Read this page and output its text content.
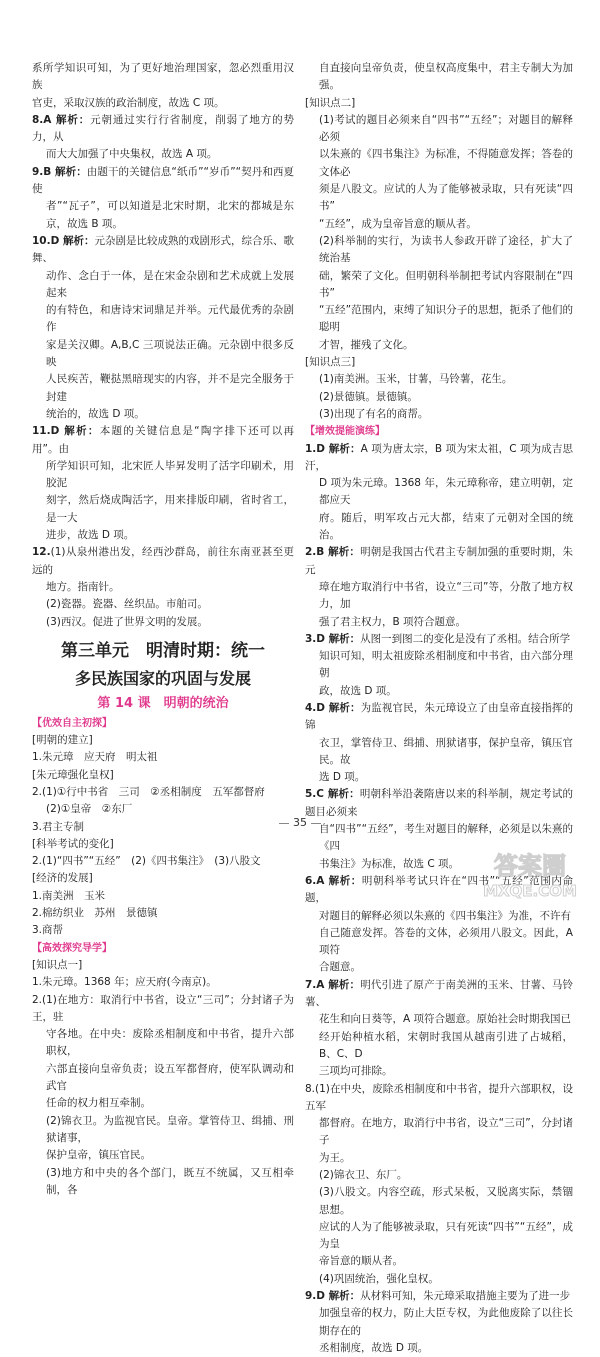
系所学知识可知，为了更好地治理国家，忽必烈重用汉族
官吏，采取汉族的政治制度，故选 C 项。
8.A 解析：元朝通过实行行省制度，削弱了地方的势力，从
而大大加强了中央集权，故选 A 项。
9.B 解析：由题干的关键信息“纸币”“岁币”“契丹和西夏使
者”“瓦子”，可以知道是北宋时期，北宋的都城是东京，故选 B 项。
10.D 解析：元杂剧是比较成熟的戏剧形式，综合乐、歌舞、
动作、念白于一体，是在宋金杂剧和艺术成就上发展起来
的有特色，和唐诗宋词鼎足并举。元代最优秀的杂剧作
家是关汉卿。A,B,C 三项说法正确。元杂剧中很多反映
人民疾苦，鞭挞黑暗现实的内容，并不是完全服务于封建
统治的，故选 D 项。
11.D 解析：本题的关键信息是“陶字排下还可以再用”。由
所学知识可知，北宋匠人毕昇发明了活字印刷术，用胶泥
刻字，然后烧成陶活字，用来排版印刷，省时省工，是一大
进步，故选 D 项。
12.(1)从泉州港出发，经西沙群岛，前往东南亚甚至更远的
地方。指南针。
(2)瓷器。瓷器、丝织品。市舶司。
(3)西汉。促进了世界文明的发展。
第三单元　明清时期：统一
多民族国家的巩固与发展
第 14 课　明朝的统治
【优效自主初探】
[明朝的建立]
1.朱元璋　应天府　明太祖
[朱元璋强化皇权]
2.(1)①行中书省　三司　②丞相制度　五军都督府
(2)①皇帝　②东厂
3.君主专制
[科举考试的变化]
2.(1)“四书”“五经”　(2)《四书集注》　(3)八股文
[经济的发展]
1.南美洲　玉米
2.棉纺织业　苏州　景德镇
3.商帮
【高效探究导学】
[知识点一]
1.朱元璋。1368 年；应天府(今南京)。
2.(1)在地方：取消行中书省，设立“三司”；分封诸子为王，驻
守各地。在中央：废除丞相制度和中书省，提升六部职权，
六部直接向皇帝负责；设五军都督府，使军队调动和武官
任命的权力相互牵制。
(2)锦衣卫。为监视官民。皇帝。掌管侍卫、缉捕、刑狱诸事，
保护皇帝，镇压官民。
(3)地方和中央的各个部门，既互不统属，又互相牵制，各
自直接向皇帝负责，使皇权高度集中，君主专制大为加强。
[知识点二]
(1)考试的题目必须来自“四书”“五经”；对题目的解释必须
以朱熹的《四书集注》为标准，不得随意发挥；答卷的文体必
须是八股文。应试的人为了能够被录取，只有死读“四书”
“五经”，成为皇帝旨意的顺从者。
(2)科举制的实行，为读书人参政开辟了途径，扩大了统治基
础，繁荣了文化。但明朝科举制把考试内容限制在“四书”
“五经”范围内，束缚了知识分子的思想，扼杀了他们的聪明
才智，摧残了文化。
[知识点三]
(1)南美洲。玉米，甘薯，马铃薯，花生。
(2)景德镇。景德镇。
(3)出现了有名的商帮。
【增效提能演练】
1.D 解析：A 项为唐太宗，B 项为宋太祖，C 项为成吉思汗，
D 项为朱元璋。1368 年，朱元璋称帝，建立明朝，定都应天
府。随后，明军攻占元大都，结束了元朝对全国的统治。
2.B 解析：明朝是我国古代君主专制加强的重要时期，朱元
璋在地方取消行中书省，设立“三司”等，分散了地方权力，加
强了君主权力，B 项符合题意。
3.D 解析：从图一到图二的变化是没有了丞相。结合所学
知识可知，明太祖废除丞相制度和中书省，由六部分理朝
政，故选 D 项。
4.D 解析：为监视官民，朱元璋设立了由皇帝直接指挥的锦
衣卫，掌管侍卫、缉捕、刑狱诸事，保护皇帝，镇压官民。故
选 D 项。
5.C 解析：明朝科举沿袭隋唐以来的科举制，规定考试的题目必须来
自“四书”“五经”，考生对题目的解释，必须是以朱熹的《四
书集注》为标准，故选 C 项。
6.A 解析：明朝科举考试只许在“四书”“五经”范围内命题，
对题目的解释必须以朱熹的《四书集注》为准，不许有
自己随意发挥。答卷的文体，必须用八股文。因此，A 项符
合题意。
7.A 解析：明代引进了原产于南美洲的玉米、甘薯、马铃薯、
花生和向日葵等，A 项符合题意。原始社会时期我国已
经开始种植水稻，宋朝时我国从越南引进了占城稻，B、C、D
三项均可排除。
8.(1)在中央，废除丞相制度和中书省，提升六部职权，设五军
都督府。在地方，取消行中书省，设立“三司”，分封诸子
为王。
(2)锦衣卫、东厂。
(3)八股文。内容空疏，形式呆板，又脱离实际，禁锢思想。
应试的人为了能够被录取，只有死读“四书”“五经”，成为皇
帝旨意的顺从者。
(4)巩固统治，强化皇权。
9.D 解析：从材料可知，朱元璋采取措施主要为了进一步
加强皇帝的权力，防止大臣专权，为此他废除了以往长期存在的
丞相制度，故选 D 项。
35
答案圈
MXQE.COM
